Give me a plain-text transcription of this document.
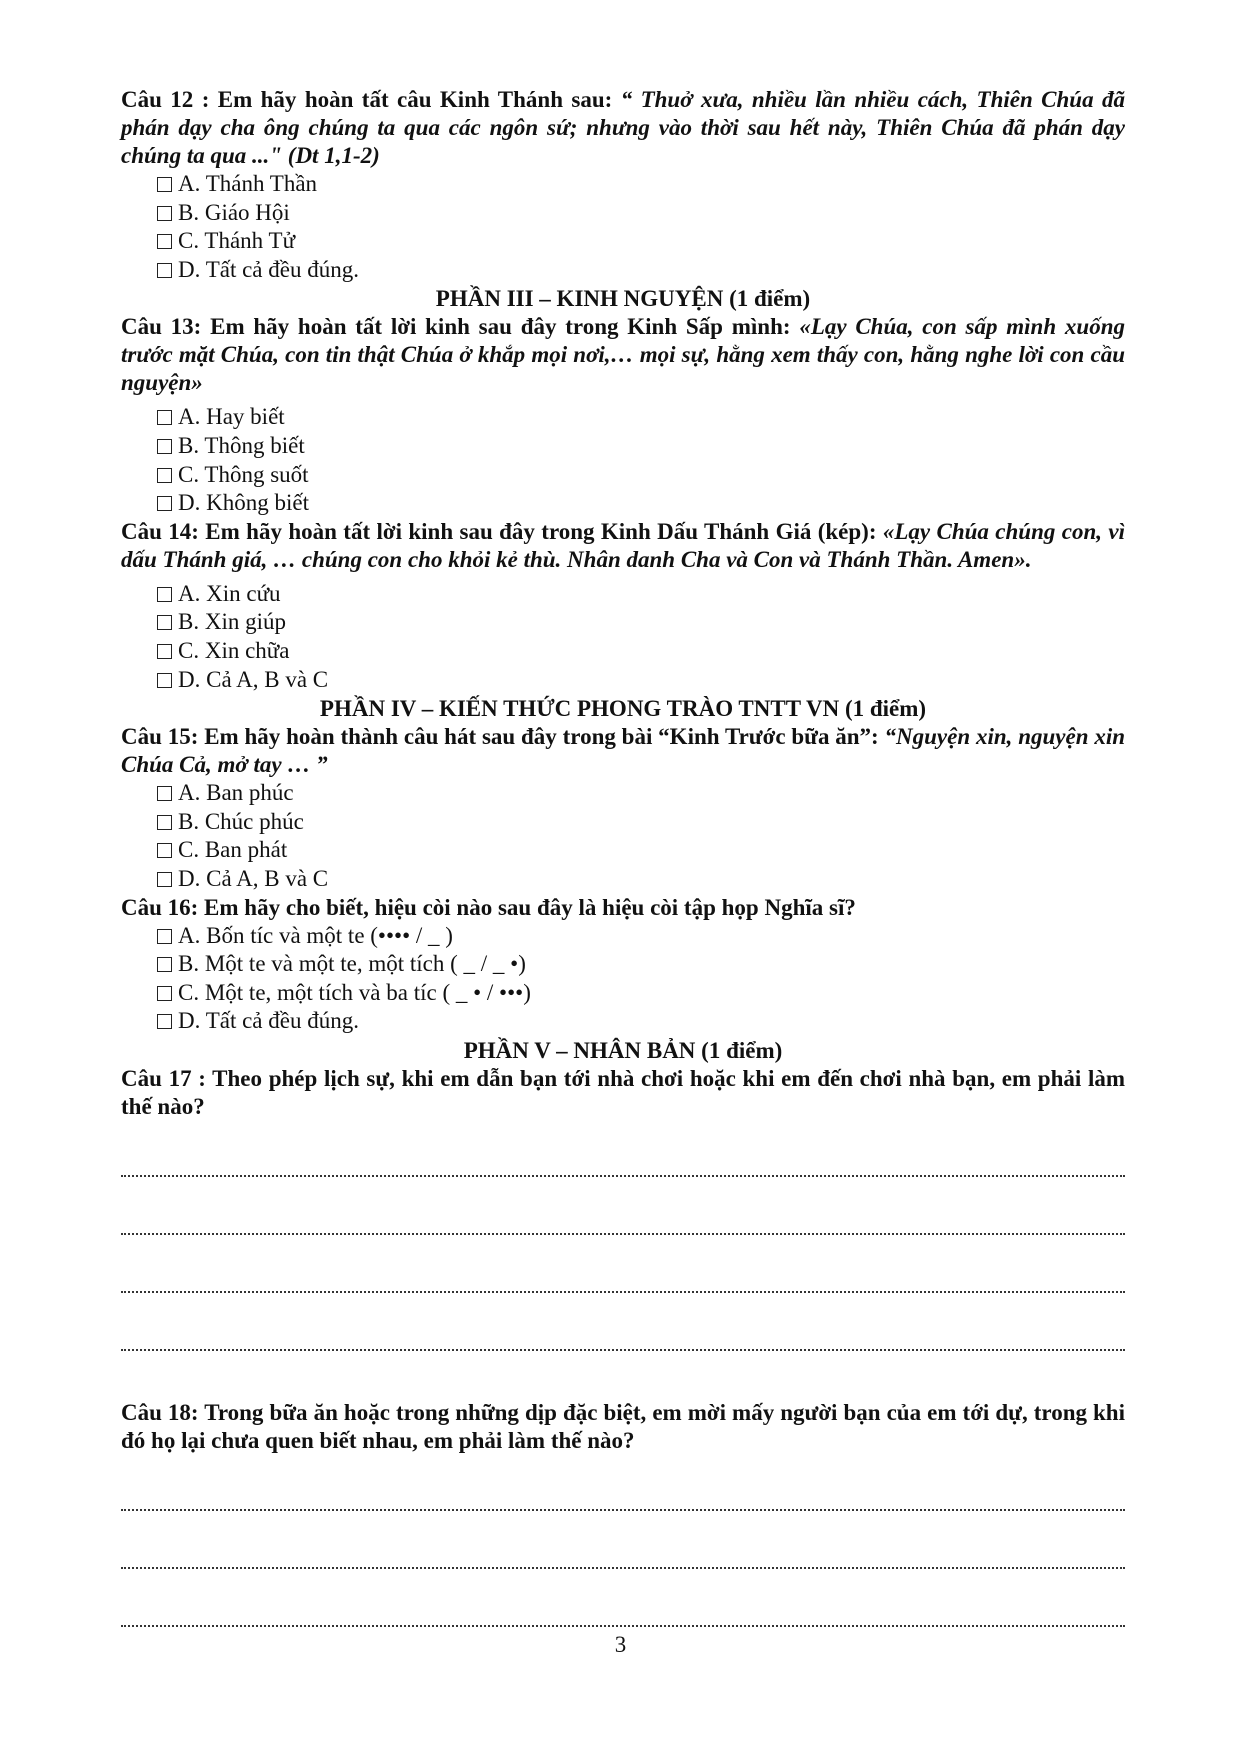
Câu 12 : Em hãy hoàn tất câu Kinh Thánh sau: “ Thuở xưa, nhiều lần nhiều cách, Thiên Chúa đã phán dạy cha ông chúng ta qua các ngôn sứ; nhưng vào thời sau hết này, Thiên Chúa đã phán dạy chúng ta qua ..." (Dt 1,1-2)

A. Thánh Thần
B. Giáo Hội
C. Thánh Tử
D. Tất cả đều đúng.

PHẦN III – KINH NGUYỆN (1 điểm)

Câu 13: Em hãy hoàn tất lời kinh sau đây trong Kinh Sấp mình: «Lạy Chúa, con sấp mình xuống trước mặt Chúa, con tin thật Chúa ở khắp mọi nơi,… mọi sự, hằng xem thấy con, hằng nghe lời con cầu nguyện»

A. Hay biết
B. Thông biết
C. Thông suốt
D. Không biết

Câu 14: Em hãy hoàn tất lời kinh sau đây trong Kinh Dấu Thánh Giá (kép): «Lạy Chúa chúng con, vì dấu Thánh giá, … chúng con cho khỏi kẻ thù. Nhân danh Cha và Con và Thánh Thần. Amen».

A. Xin cứu
B. Xin giúp
C. Xin chữa
D. Cả A, B và C

PHẦN IV – KIẾN THỨC PHONG TRÀO TNTT VN (1 điểm)

Câu 15: Em hãy hoàn thành câu hát sau đây trong bài “Kinh Trước bữa ăn”: “Nguyện xin, nguyện xin Chúa Cả, mở tay … ”

A. Ban phúc
B. Chúc phúc
C. Ban phát
D. Cả A, B và C

Câu 16: Em hãy cho biết, hiệu còi nào sau đây là hiệu còi tập họp Nghĩa sĩ?

A. Bốn tíc và một te (•••• / _ )
B. Một te và một te, một tích ( _ / _ •)
C. Một te, một tích và ba tíc ( _ • / •••)
D. Tất cả đều đúng.

PHẦN V – NHÂN BẢN (1 điểm)

Câu 17 : Theo phép lịch sự, khi em dẫn bạn tới nhà chơi hoặc khi em đến chơi nhà bạn, em phải làm thế nào?

Câu 18: Trong bữa ăn hoặc trong những dịp đặc biệt, em mời mấy người bạn của em tới dự, trong khi đó họ lại chưa quen biết nhau, em phải làm thế nào?

3
